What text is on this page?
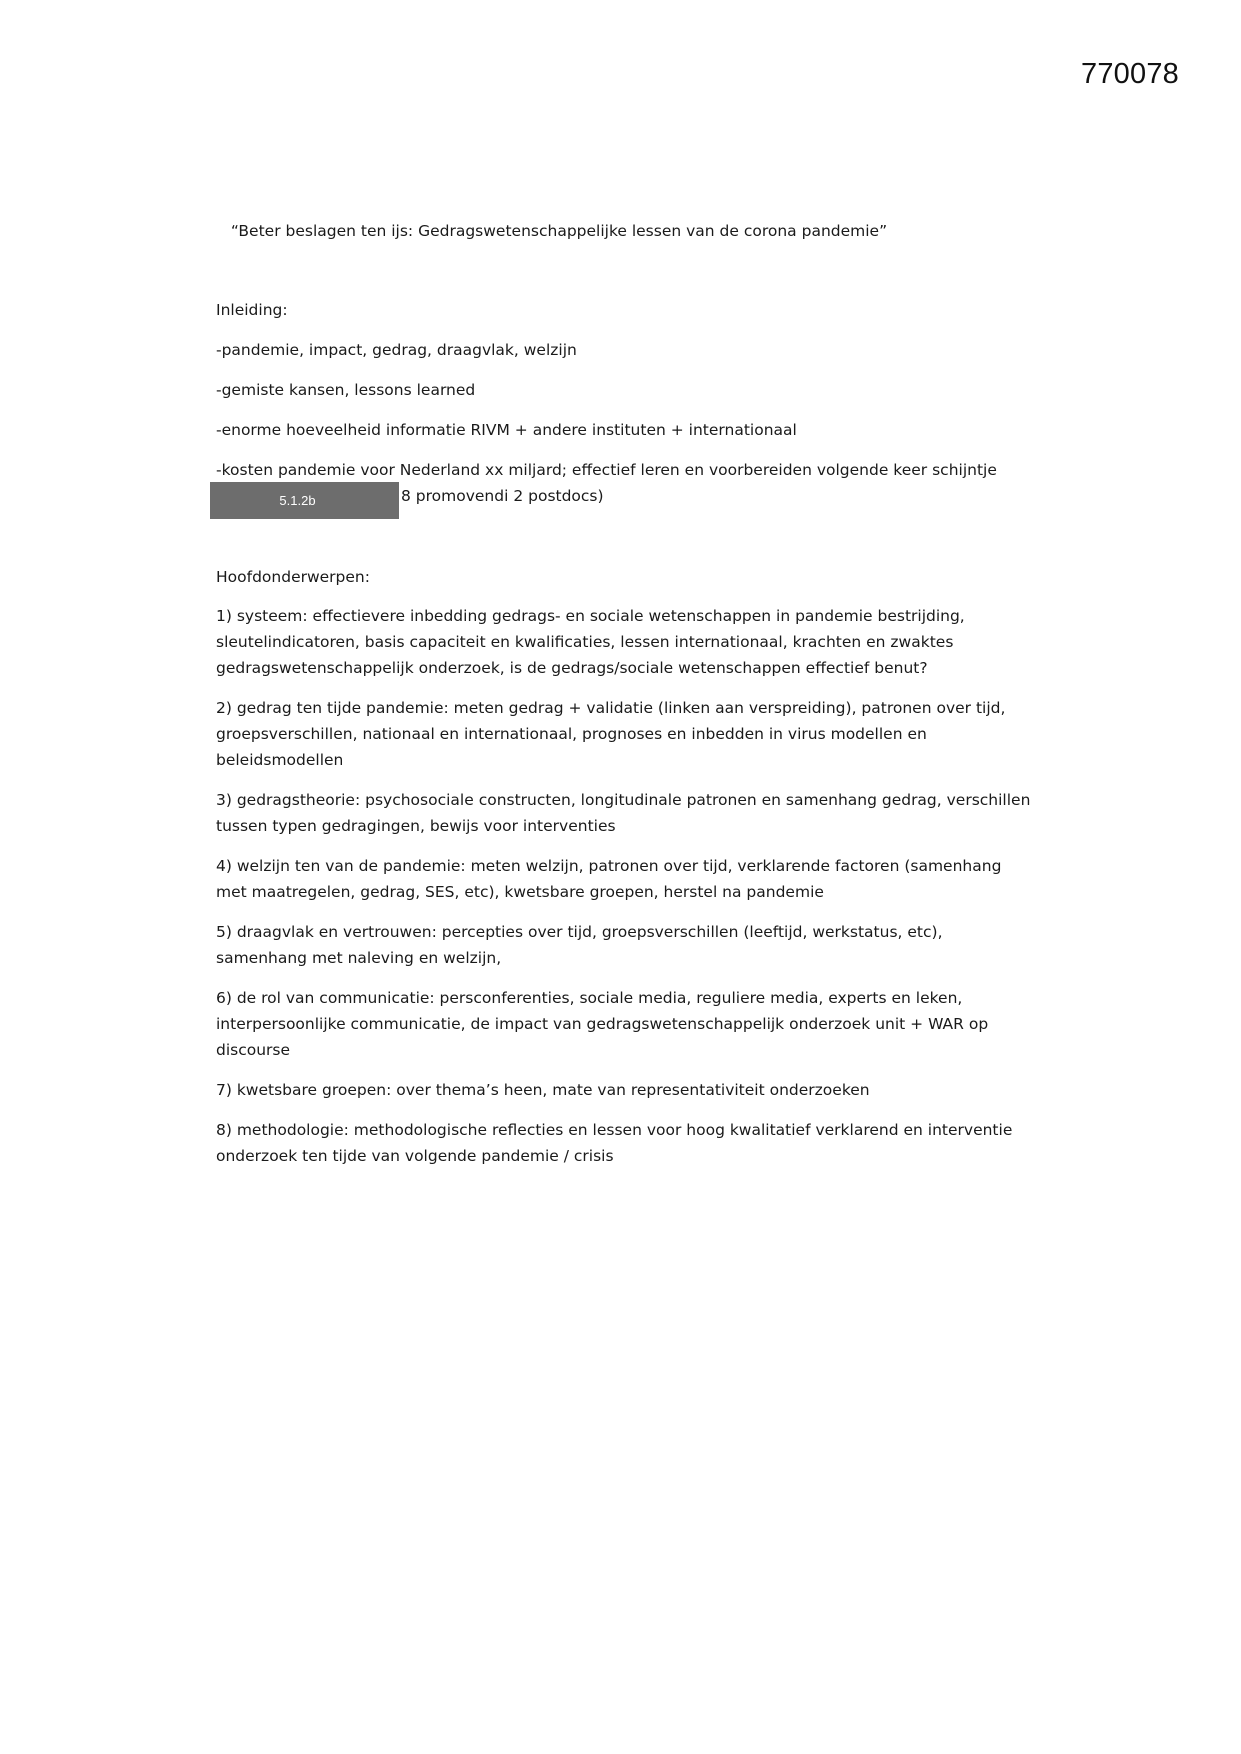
770078
“Beter beslagen ten ijs: Gedragswetenschappelijke lessen van de corona pandemie”
Inleiding:
-pandemie, impact, gedrag, draagvlak, welzijn
-gemiste kansen, lessons learned
-enorme hoeveelheid informatie RIVM + andere instituten + internationaal
-kosten pandemie voor Nederland xx miljard; effectief leren en voorbereiden volgende keer schijntje
5.1.2b	8 promovendi 2 postdocs)
Hoofdonderwerpen:
1) systeem: effectievere inbedding gedrags- en sociale wetenschappen in pandemie bestrijding, sleutelindicatoren, basis capaciteit en kwalificaties, lessen internationaal, krachten en zwaktes gedragswetenschappelijk onderzoek, is de gedrags/sociale wetenschappen effectief benut?
2) gedrag ten tijde pandemie: meten gedrag + validatie (linken aan verspreiding), patronen over tijd, groepsverschillen, nationaal en internationaal, prognoses en inbedden in virus modellen en beleidsmodellen
3) gedragstheorie: psychosociale constructen, longitudinale patronen en samenhang gedrag, verschillen tussen typen gedragingen, bewijs voor interventies
4) welzijn ten van de pandemie: meten welzijn, patronen over tijd, verklarende factoren (samenhang met maatregelen, gedrag, SES, etc), kwetsbare groepen, herstel na pandemie
5) draagvlak en vertrouwen: percepties over tijd, groepsverschillen (leeftijd, werkstatus, etc), samenhang met naleving en welzijn,
6) de rol van communicatie: persconferenties, sociale media, reguliere media, experts en leken, interpersoonlijke communicatie, de impact van gedragswetenschappelijk onderzoek unit + WAR op discourse
7) kwetsbare groepen: over thema’s heen, mate van representativiteit onderzoeken
8) methodologie: methodologische reflecties en lessen voor hoog kwalitatief verklarend en interventie onderzoek ten tijde van volgende pandemie / crisis
